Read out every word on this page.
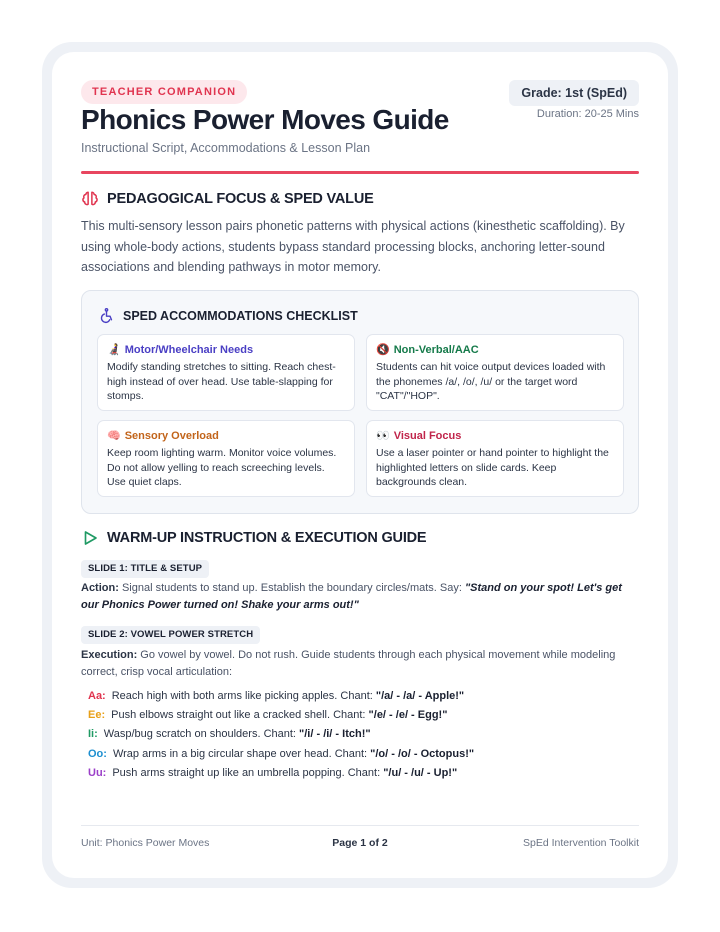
TEACHER COMPANION	Grade: 1st (SpEd)
Duration: 20-25 Mins
Phonics Power Moves Guide
Instructional Script, Accommodations & Lesson Plan
PEDAGOGICAL FOCUS & SPED VALUE

This multi-sensory lesson pairs phonetic patterns with physical actions (kinesthetic scaffolding). By using whole-body actions, students bypass standard processing blocks, anchoring letter-sound associations and blending pathways in motor memory.

SPED ACCOMMODATIONS CHECKLIST
👩‍🦼 Motor/Wheelchair Needs
Modify standing stretches to sitting. Reach chest-high instead of over head. Use table-slapping for stomps.
🔇 Non-Verbal/AAC
Students can hit voice output devices loaded with the phonemes /a/, /o/, /u/ or the target word "CAT"/"HOP".
🧠 Sensory Overload
Keep room lighting warm. Monitor voice volumes. Do not allow yelling to reach screeching levels. Use quiet claps.
👀 Visual Focus
Use a laser pointer or hand pointer to highlight the highlighted letters on slide cards. Keep backgrounds clean.
WARM-UP INSTRUCTION & EXECUTION GUIDE
SLIDE 1: TITLE & SETUP

Action: Signal students to stand up. Establish the boundary circles/mats. Say: "Stand on your spot! Let's get our Phonics Power turned on! Shake your arms out!"

SLIDE 2: VOWEL POWER STRETCH

Execution: Go vowel by vowel. Do not rush. Guide students through each physical movement while modeling correct, crisp vocal articulation:

Aa: Reach high with both arms like picking apples. Chant: "/a/ - /a/ - Apple!"
Ee: Push elbows straight out like a cracked shell. Chant: "/e/ - /e/ - Egg!"
Ii: Wasp/bug scratch on shoulders. Chant: "/i/ - /i/ - Itch!"
Oo: Wrap arms in a big circular shape over head. Chant: "/o/ - /o/ - Octopus!"
Uu: Push arms straight up like an umbrella popping. Chant: "/u/ - /u/ - Up!"
Unit: Phonics Power Moves	Page 1 of 2	SpEd Intervention Toolkit
